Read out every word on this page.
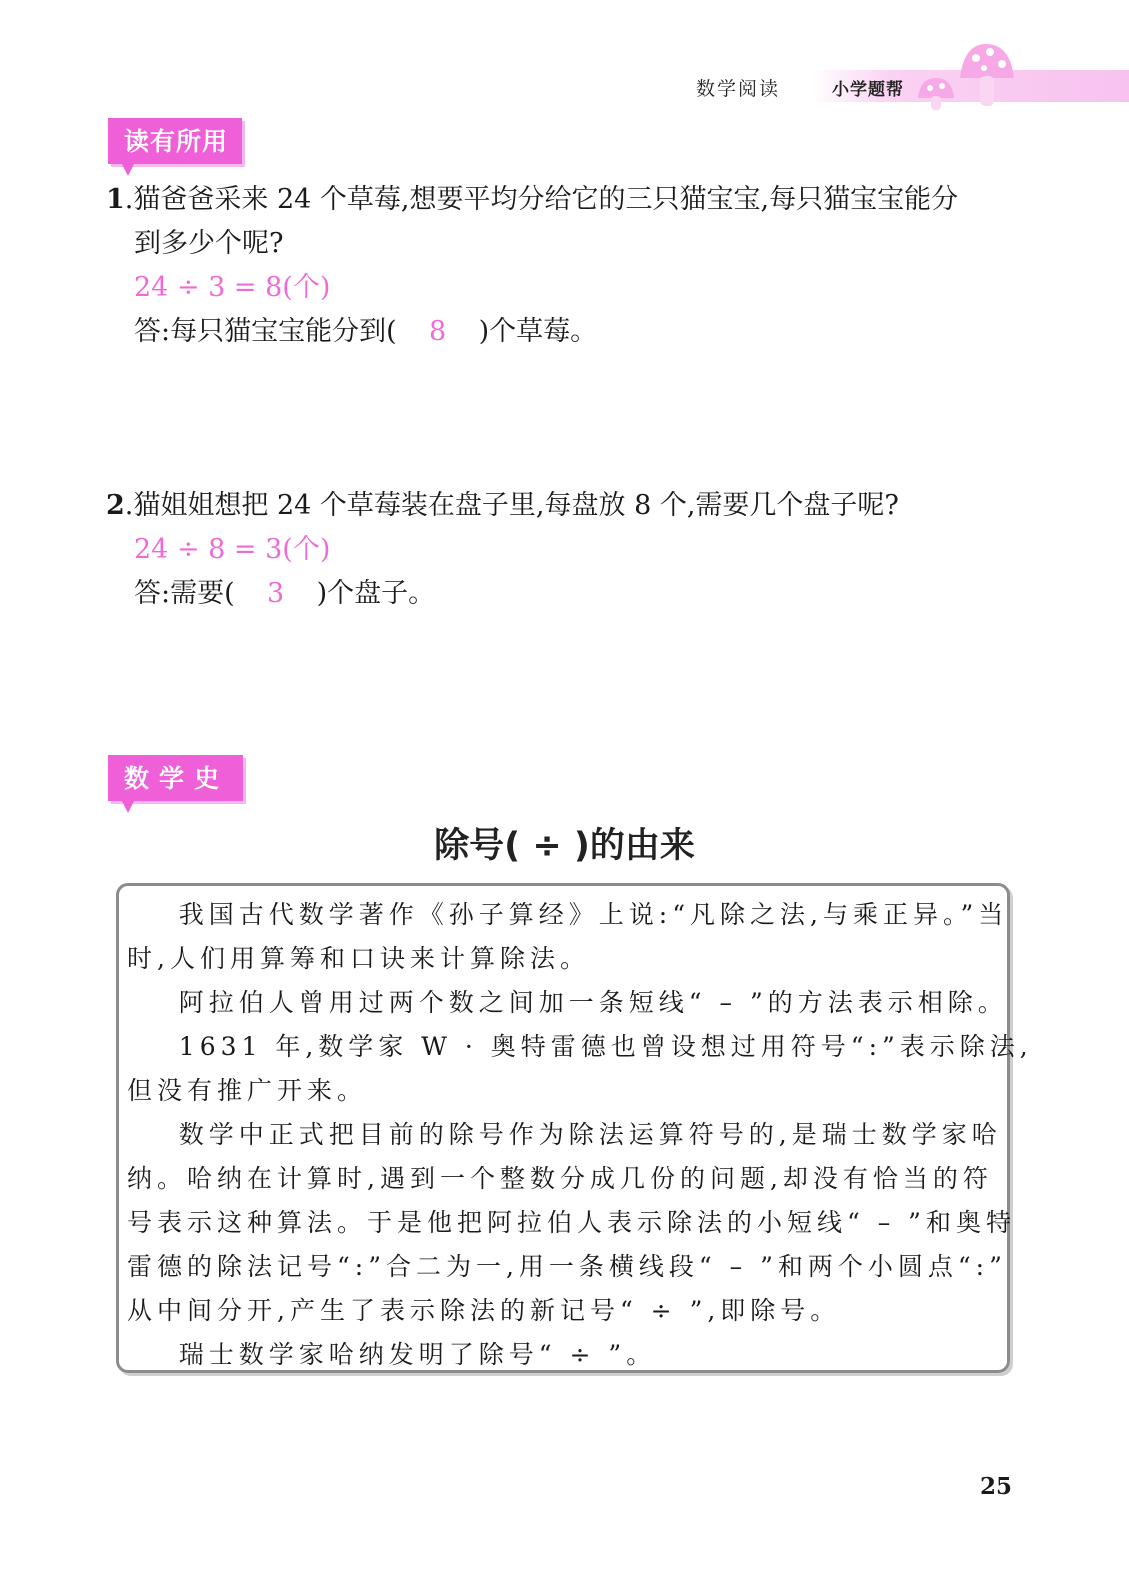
数学阅读	小学题帮
读有所用
1.猫爸爸采来 24 个草莓,想要平均分给它的三只猫宝宝,每只猫宝宝能分
到多少个呢?
24 ÷ 3 = 8(个)
答:每只猫宝宝能分到( 8 )个草莓。
2.猫姐姐想把 24 个草莓装在盘子里,每盘放 8 个,需要几个盘子呢?
24 ÷ 8 = 3(个)
答:需要( 3 )个盘子。
数学史
除号( ÷ )的由来
我国古代数学著作《孙子算经》上说:“凡除之法,与乘正异。”当
时,人们用算筹和口诀来计算除法。
阿拉伯人曾用过两个数之间加一条短线“ – ”的方法表示相除。
1631 年,数学家 W · 奥特雷德也曾设想过用符号“:”表示除法,
但没有推广开来。
数学中正式把目前的除号作为除法运算符号的,是瑞士数学家哈
纳。哈纳在计算时,遇到一个整数分成几份的问题,却没有恰当的符
号表示这种算法。于是他把阿拉伯人表示除法的小短线“ – ”和奥特
雷德的除法记号“:”合二为一,用一条横线段“ – ”和两个小圆点“:”
从中间分开,产生了表示除法的新记号“ ÷ ”,即除号。
瑞士数学家哈纳发明了除号“ ÷ ”。
25
